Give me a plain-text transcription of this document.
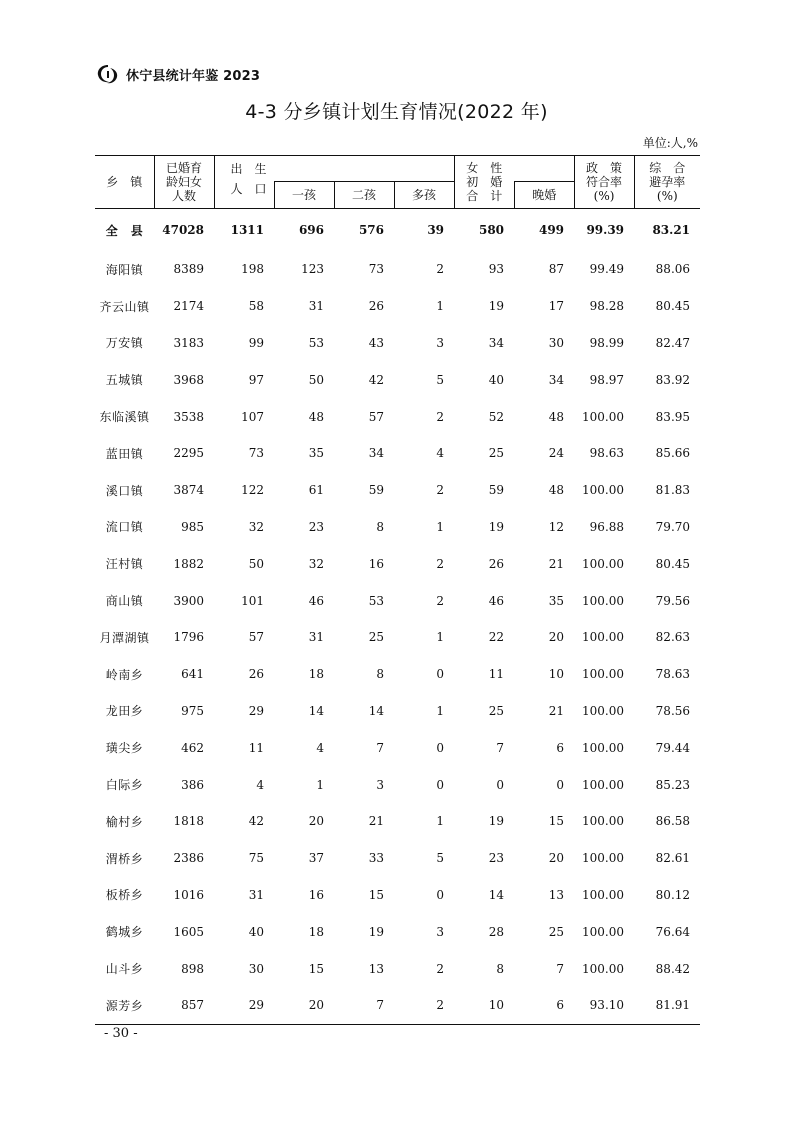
休宁县统计年鉴 2023
4-3 分乡镇计划生育情况(2022 年)
单位:人,%
乡　镇	已婚育龄妇女人数	出　生				女　性初　婚合　计	晚婚	政　策符合率(%)	综　合避孕率(%)

		人　口	一孩	二孩	多孩				
全　县	47028	1311	696	576	39	580	499	99.39	83.21
海阳镇	8389	198	123	73	2	93	87	99.49	88.06
齐云山镇	2174	58	31	26	1	19	17	98.28	80.45
万安镇	3183	99	53	43	3	34	30	98.99	82.47
五城镇	3968	97	50	42	5	40	34	98.97	83.92
东临溪镇	3538	107	48	57	2	52	48	100.00	83.95
蓝田镇	2295	73	35	34	4	25	24	98.63	85.66
溪口镇	3874	122	61	59	2	59	48	100.00	81.83
流口镇	985	32	23	8	1	19	12	96.88	79.70
汪村镇	1882	50	32	16	2	26	21	100.00	80.45
商山镇	3900	101	46	53	2	46	35	100.00	79.56
月潭湖镇	1796	57	31	25	1	22	20	100.00	82.63
岭南乡	641	26	18	8	0	11	10	100.00	78.63
龙田乡	975	29	14	14	1	25	21	100.00	78.56
璜尖乡	462	11	4	7	0	7	6	100.00	79.44
白际乡	386	4	1	3	0	0	0	100.00	85.23
榆村乡	1818	42	20	21	1	19	15	100.00	86.58
渭桥乡	2386	75	37	33	5	23	20	100.00	82.61
板桥乡	1016	31	16	15	0	14	13	100.00	80.12
鹤城乡	1605	40	18	19	3	28	25	100.00	76.64
山斗乡	898	30	15	13	2	8	7	100.00	88.42
源芳乡	857	29	20	7	2	10	6	93.10	81.91
- 30 -
